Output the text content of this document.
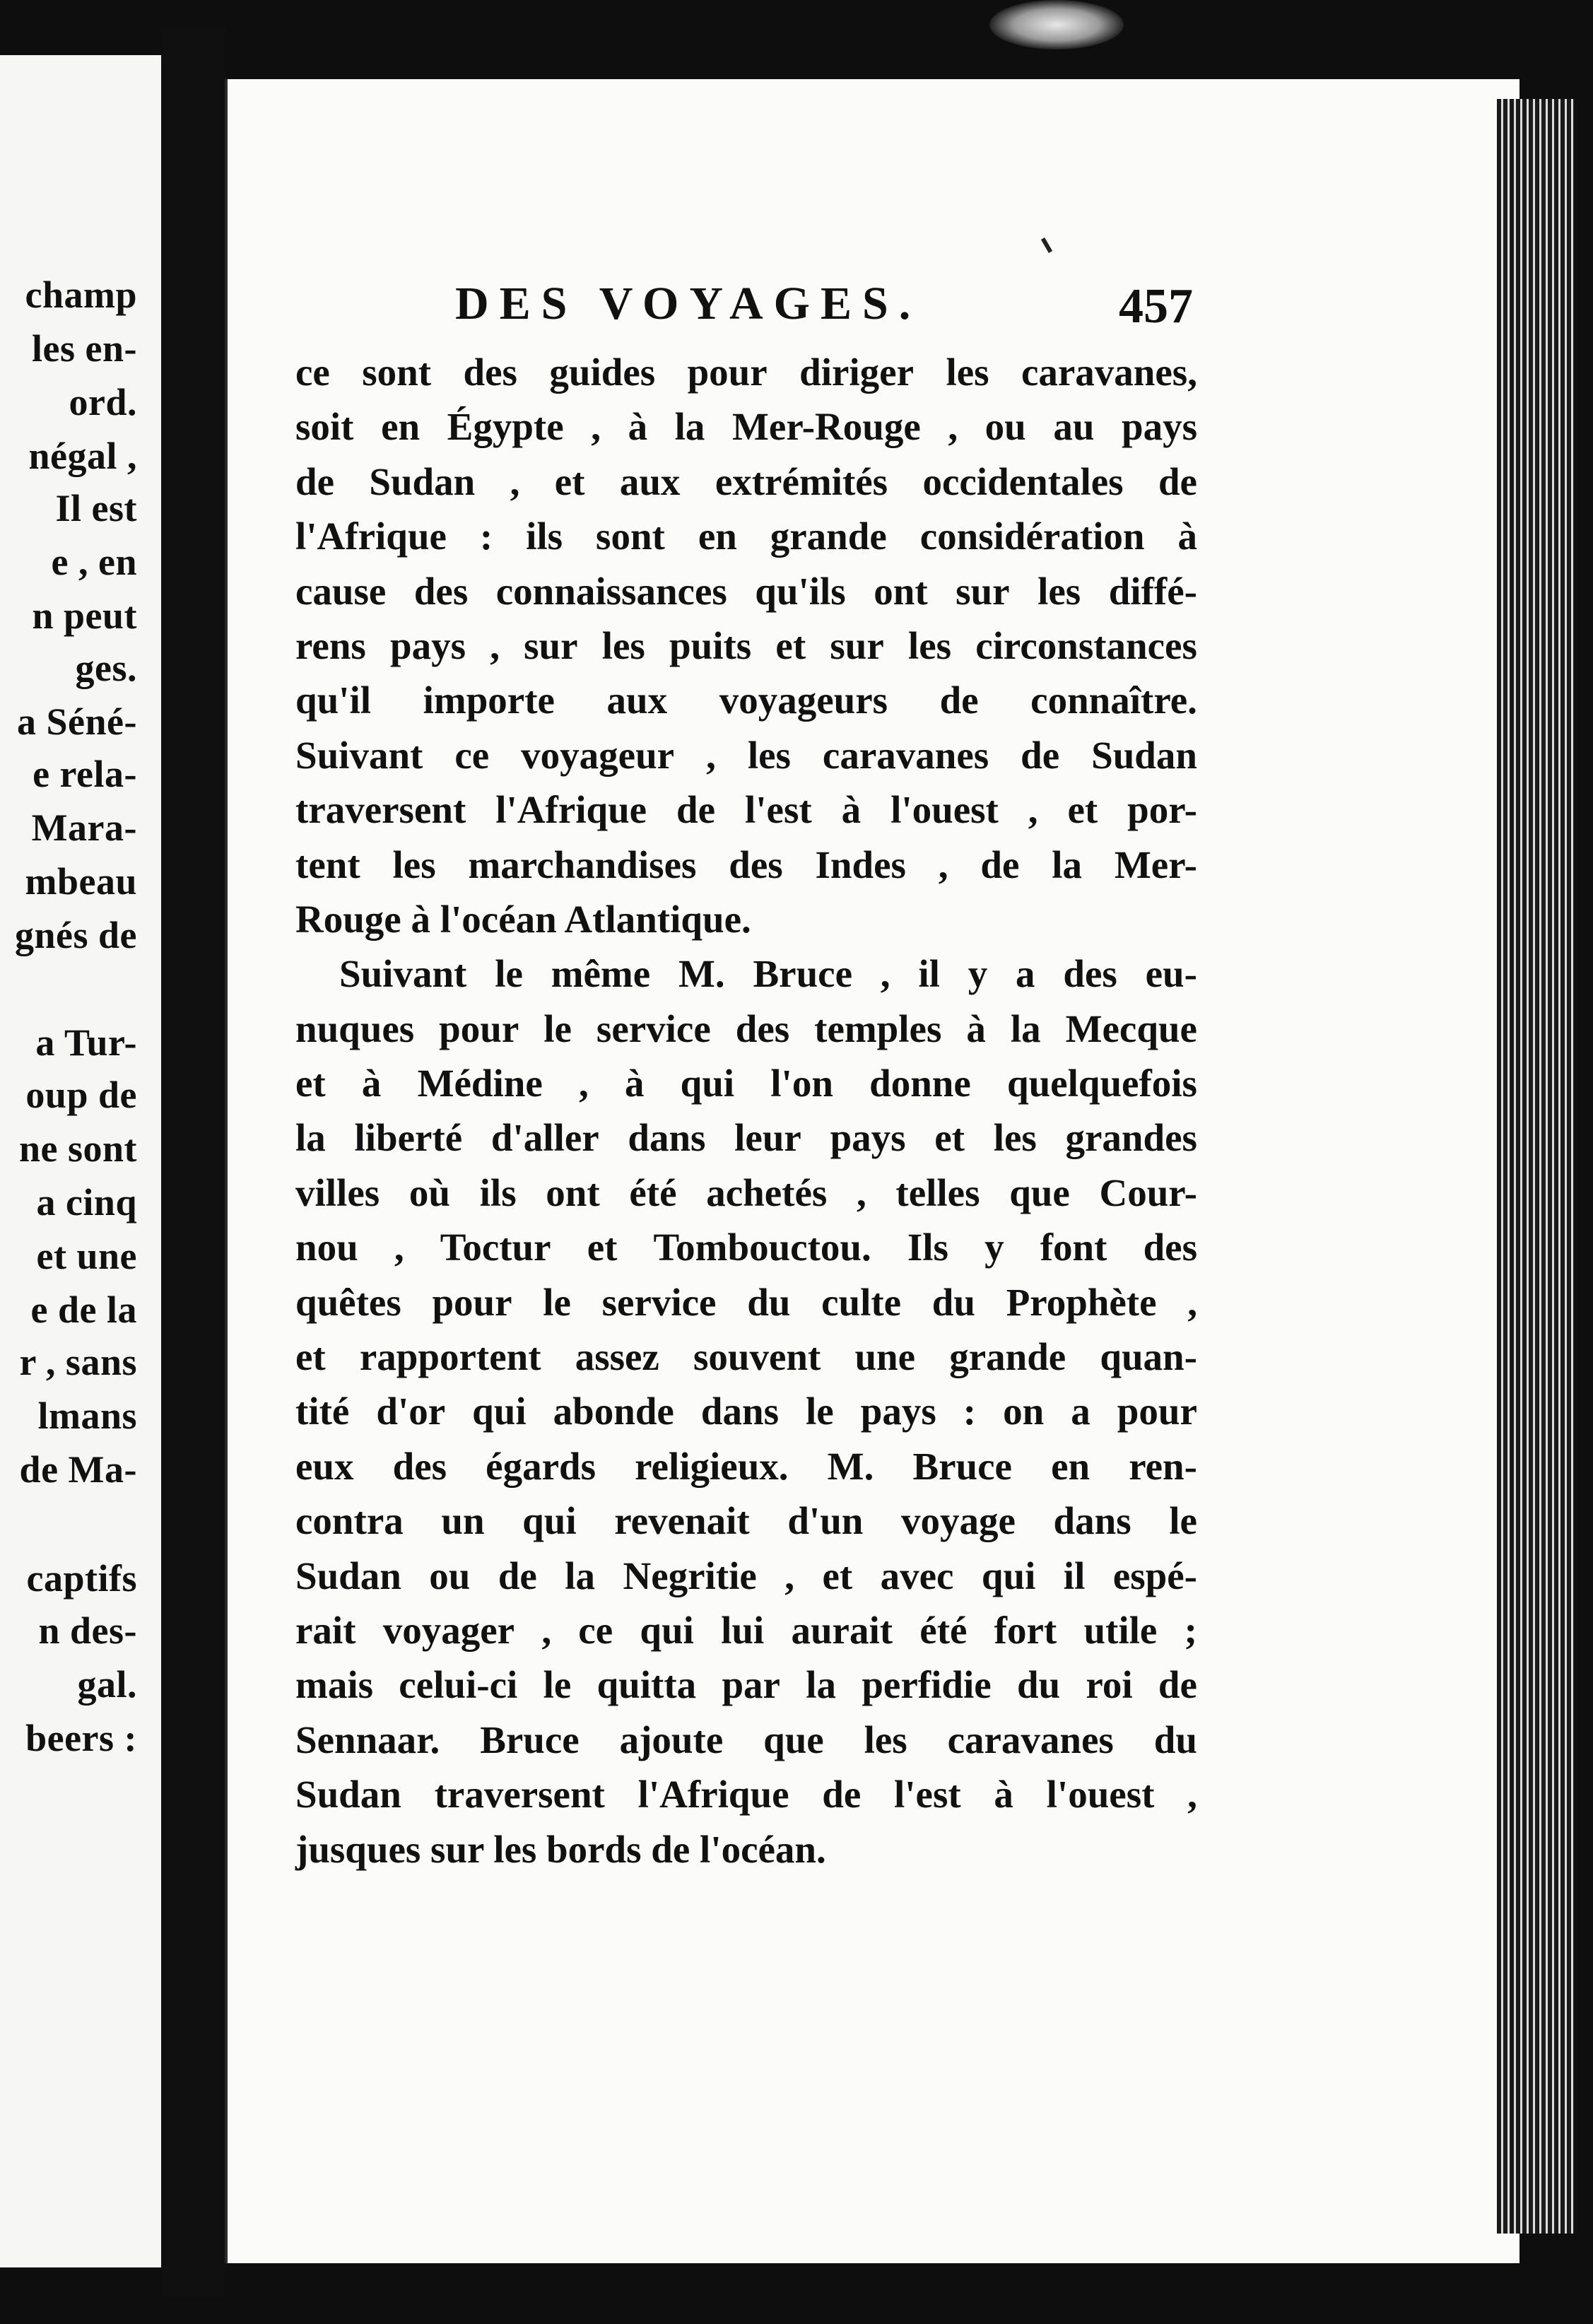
champ
les en-
ord.
négal ,
Il est
e , en
n peut
ges.
a Séné-
e rela-
Mara-
mbeau
gnés de
a Tur-
oup de
ne sont
a cinq
et une
e de la
r , sans
lmans
de Ma-
captifs
n des-
gal.
beers :
DES VOYAGES.	457
ce sont des guides pour diriger les caravanes,
soit en Égypte , à la Mer-Rouge , ou au pays
de Sudan , et aux extrémités occidentales de
l'Afrique : ils sont en grande considération à
cause des connaissances qu'ils ont sur les diffé-
rens pays , sur les puits et sur les circonstances
qu'il importe aux voyageurs de connaître.
Suivant ce voyageur , les caravanes de Sudan
traversent l'Afrique de l'est à l'ouest , et por-
tent les marchandises des Indes , de la Mer-
Rouge à l'océan Atlantique.
Suivant le même M. Bruce , il y a des eu-
nuques pour le service des temples à la Mecque
et à Médine , à qui l'on donne quelquefois
la liberté d'aller dans leur pays et les grandes
villes où ils ont été achetés , telles que Cour-
nou , Toctur et Tombouctou. Ils y font des
quêtes pour le service du culte du Prophète ,
et rapportent assez souvent une grande quan-
tité d'or qui abonde dans le pays : on a pour
eux des égards religieux. M. Bruce en ren-
contra un qui revenait d'un voyage dans le
Sudan ou de la Negritie , et avec qui il espé-
rait voyager , ce qui lui aurait été fort utile ;
mais celui-ci le quitta par la perfidie du roi de
Sennaar. Bruce ajoute que les caravanes du
Sudan traversent l'Afrique de l'est à l'ouest ,
jusques sur les bords de l'océan.
